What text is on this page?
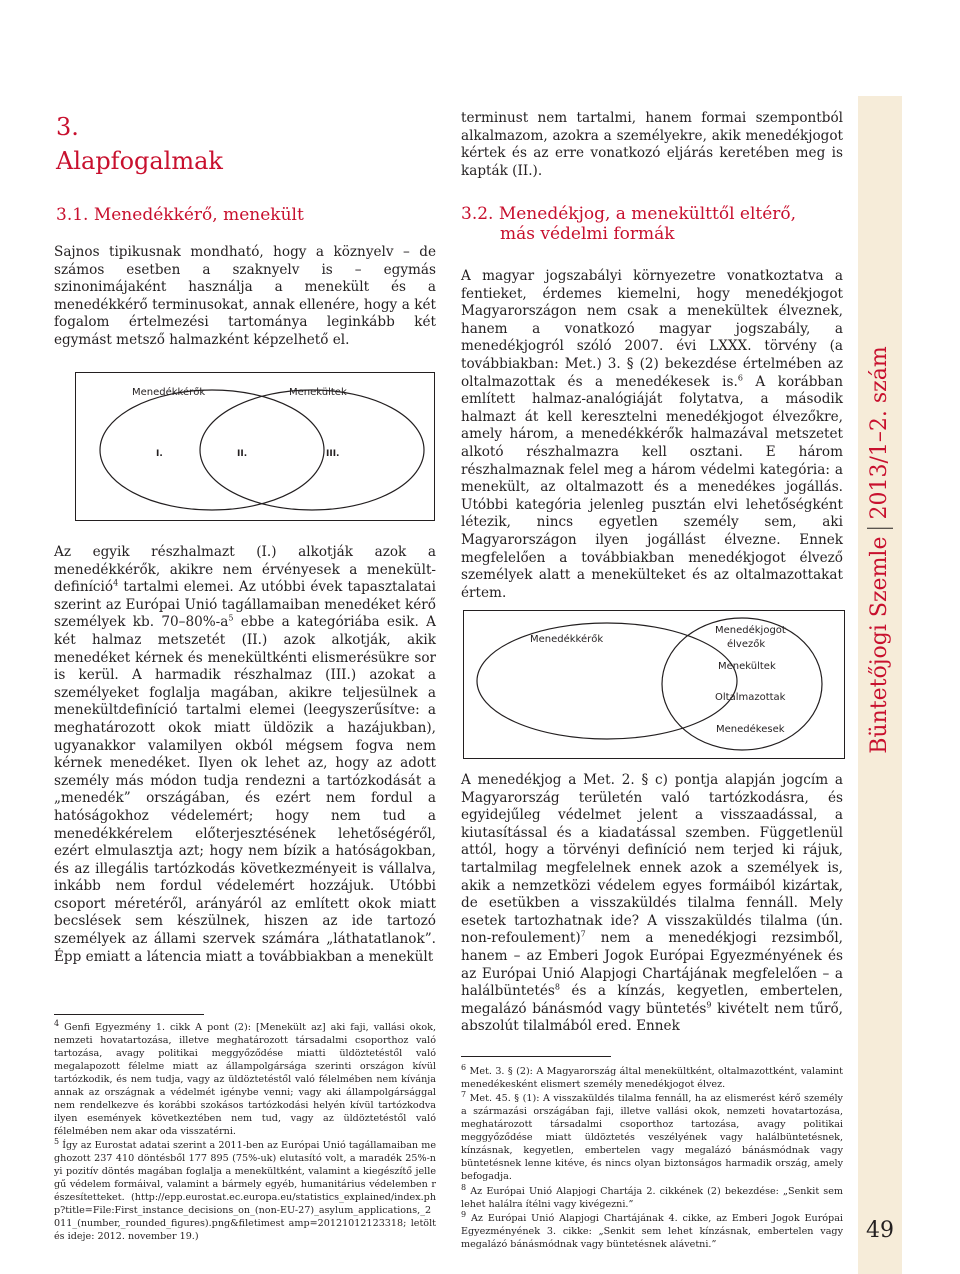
Büntetőjogi Szemle2013/1–2. szám
49
3.
Alapfogalmak
3.1. Menedékkérő, menekült

Sajnos tipikusnak mondható, hogy a köznyelv – de számos esetben a szaknyelv is – egymás szinonimájaként használja a menekült és a menedékkérő terminusokat, annak ellenére, hogy a két fogalom értelmezési tartománya leginkább két egymást metsző halmazként képzelhető el.

Menedékkérők	Menekültek
I.	II.	III.

Az egyik részhalmazt (I.) alkotják azok a menedékkérők, akikre nem érvényesek a menekült-definíció$^4$ tartalmi elemei. Az utóbbi évek tapasztalatai szerint az Európai Unió tagállamaiban menedéket kérő személyek kb. $70-80\%-a^5$ ebbe a kategóriába esik. A két halmaz metszetét (II.) azok alkotják, akik menedéket kérnek és menekültkénti elismerésükre sor is kerül. A harmadik részhalmaz (III.) azokat a személyeket foglalja magában, akikre teljesülnek a menekültdefiníció tartalmi elemei (leegyszerűsítve: a meghatározott okok miatt üldözik a hazájukban), ugyanakkor valamilyen okból mégsem fogva nem kérnek menedéket. Ilyen ok lehet az, hogy az adott személy más módon tudja rendezni a tartózkodását a „menedék” országában, és ezért nem fordul a hatóságokhoz védelemért; hogy nem tud a menedékkérelem előterjesztésének lehetőségéről, ezért elmulasztja azt; hogy nem bízik a hatóságokban, és az illegális tartózkodás következményeit is vállalva, inkább nem fordul védelemért hozzájuk. Utóbbi csoport méretéről, arányáról az említett okok miatt becslések sem készülnek, hiszen az ide tartozó személyek az állami szervek számára „láthatatlanok”. Épp emiatt a látencia miatt a továbbiakban a menekült

$^4$ Genfi Egyezmény 1. cikk A pont (2): [Menekült az] aki faji, vallási okok, nemzeti hovatartozása, illetve meghatározott társadalmi csoporthoz való tartozása, avagy politikai meggyőződése miatti üldöztetéstől való megalapozott félelme miatt az állampolgársága szerinti országon kívül tartózkodik, és nem tudja, vagy az üldöztetéstől való félelmében nem kívánja annak az országnak a védelmét igénybe venni; vagy aki állampolgársággal nem rendelkezve és korábbi szokásos tartózkodási helyén kívül tartózkodva ilyen események következtében nem tud, vagy az üldöztetéstől való félelmében nem akar oda visszatérni.

$^5$ Így az Eurostat adatai szerint a 2011-ben az Európai Unió tagállamaiban meghozott 237 410 döntésből 177 895 (75%-uk) elutasító volt, a maradék 25%-nyi pozitív döntés magában foglalja a menekültként, valamint a kiegészítő jellegű védelem formáival, valamint a bármely egyéb, humanitárius védelemben részesítetteket. (http://epp.eurostat.ec.europa.eu/statistics_explained/index.php?title=File:First_instance_decisions_on_(non-EU-27)_asylum_applications,_2011_(number,_rounded_figures).png&filetimest amp=20121012123318; letöltés ideje: 2012. november 19.)

terminust nem tartalmi, hanem formai szempontból alkalmazom, azokra a személyekre, akik menedékjogot kértek és az erre vonatkozó eljárás keretében meg is kapták (II.).

3.2. Menedékjog, a menekülttől eltérő,
más védelmi formák

A magyar jogszabályi környezetre vonatkoztatva a fentieket, érdemes kiemelni, hogy menedékjogot Magyarországon nem csak a menekültek élveznek, hanem a vonatkozó magyar jogszabály, a menedékjogról szóló 2007. évi LXXX. törvény (a továbbiakban: Met.) 3. § (2) bekezdése értelmében az oltalmazottak és a menedékesek is.$^6$ A korábban említett halmaz-analógiáját folytatva, a második halmazt át kell keresztelni menedékjogot élvezőkre, amely három, a menedékkérők halmazával metszetet alkotó részhalmazra kell osztani. E három részhalmaznak felel meg a három védelmi kategória: a menekült, az oltalmazott és a menedékes jogállás. Utóbbi kategória jelenleg pusztán elvi lehetőségként létezik, nincs egyetlen személy sem, aki Magyarországon ilyen jogállást élvezne. Ennek megfelelően a továbbiakban menedékjogot élvező személyek alatt a menekülteket és az oltalmazottakat értem.

Menedékkérők
Menedékjogot
élvezők
Menekültek
Oltalmazottak
Menedékesek

A menedékjog a Met. 2. § c) pontja alapján jogcím a Magyarország területén való tartózkodásra, és egyidejűleg védelmet jelent a visszaadással, a kiutasítással és a kiadatással szemben. Függetlenül attól, hogy a törvényi definíció nem terjed ki rájuk, tartalmilag megfelelnek ennek azok a személyek is, akik a nemzetközi védelem egyes formáiból kizártak, de esetükben a visszaküldés tilalma fennáll. Mely esetek tartozhatnak ide? A visszaküldés tilalma (ún. non-refoulement)$^7$ nem a menedékjogi rezsimből, hanem – az Emberi Jogok Európai Egyezményének és az Európai Unió Alapjogi Chartájának megfelelően – a halálbüntetés$^8$ és a kínzás, kegyetlen, embertelen, megalázó bánásmód vagy büntetés$^9$ kivételt nem tűrő, abszolút tilalmából ered. Ennek

$^6$ Met. 3. § (2): A Magyarország által menekültként, oltalmazottként, valamint menedékesként elismert személy menedékjogot élvez.

$^7$ Met. 45. § (1): A visszaküldés tilalma fennáll, ha az elismerést kérő személy a származási országában faji, illetve vallási okok, nemzeti hovatartozása, meghatározott társadalmi csoporthoz tartozása, avagy politikai meggyőződése miatt üldöztetés veszélyének vagy halálbüntetésnek, kínzásnak, kegyetlen, embertelen vagy megalázó bánásmódnak vagy büntetésnek lenne kitéve, és nincs olyan biztonságos harmadik ország, amely befogadja.

$^8$ Az Európai Unió Alapjogi Chartája 2. cikkének (2) bekezdése: „Senkit sem lehet halálra ítélni vagy kivégezni.”

$^9$ Az Európai Unió Alapjogi Chartájának 4. cikke, az Emberi Jogok Európai Egyezményének 3. cikke: „Senkit sem lehet kínzásnak, embertelen vagy megalázó bánásmódnak vagy büntetésnek alávetni.”
